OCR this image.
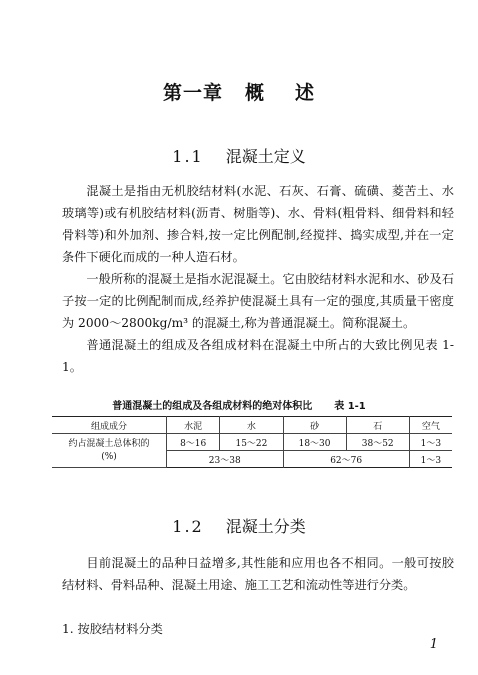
第一章 概 述
1.1 混凝土定义
混凝土是指由无机胶结材料(水泥、石灰、石膏、硫磺、菱苦土、水玻璃等)或有机胶结材料(沥青、树脂等)、水、骨料(粗骨料、细骨料和轻骨料等)和外加剂、掺合料,按一定比例配制,经搅拌、捣实成型,并在一定条件下硬化而成的一种人造石材。
一般所称的混凝土是指水泥混凝土。它由胶结材料水泥和水、砂及石子按一定的比例配制而成,经养护使混凝土具有一定的强度,其质量干密度为 2000～2800kg/m³ 的混凝土,称为普通混凝土。简称混凝土。
普通混凝土的组成及各组成材料在混凝土中所占的大致比例见表 1-1。
普通混凝土的组成及各组成材料的绝对体积比 表 1-1
组成成分	水泥	水	砂	石	空气
约占混凝土总体积的
(%)	8～16	15～22	18～30	38～52	1～3
	23～38		62～76		1～3
1.2 混凝土分类
目前混凝土的品种日益增多,其性能和应用也各不相同。一般可按胶结材料、骨料品种、混凝土用途、施工工艺和流动性等进行分类。
1. 按胶结材料分类
1
